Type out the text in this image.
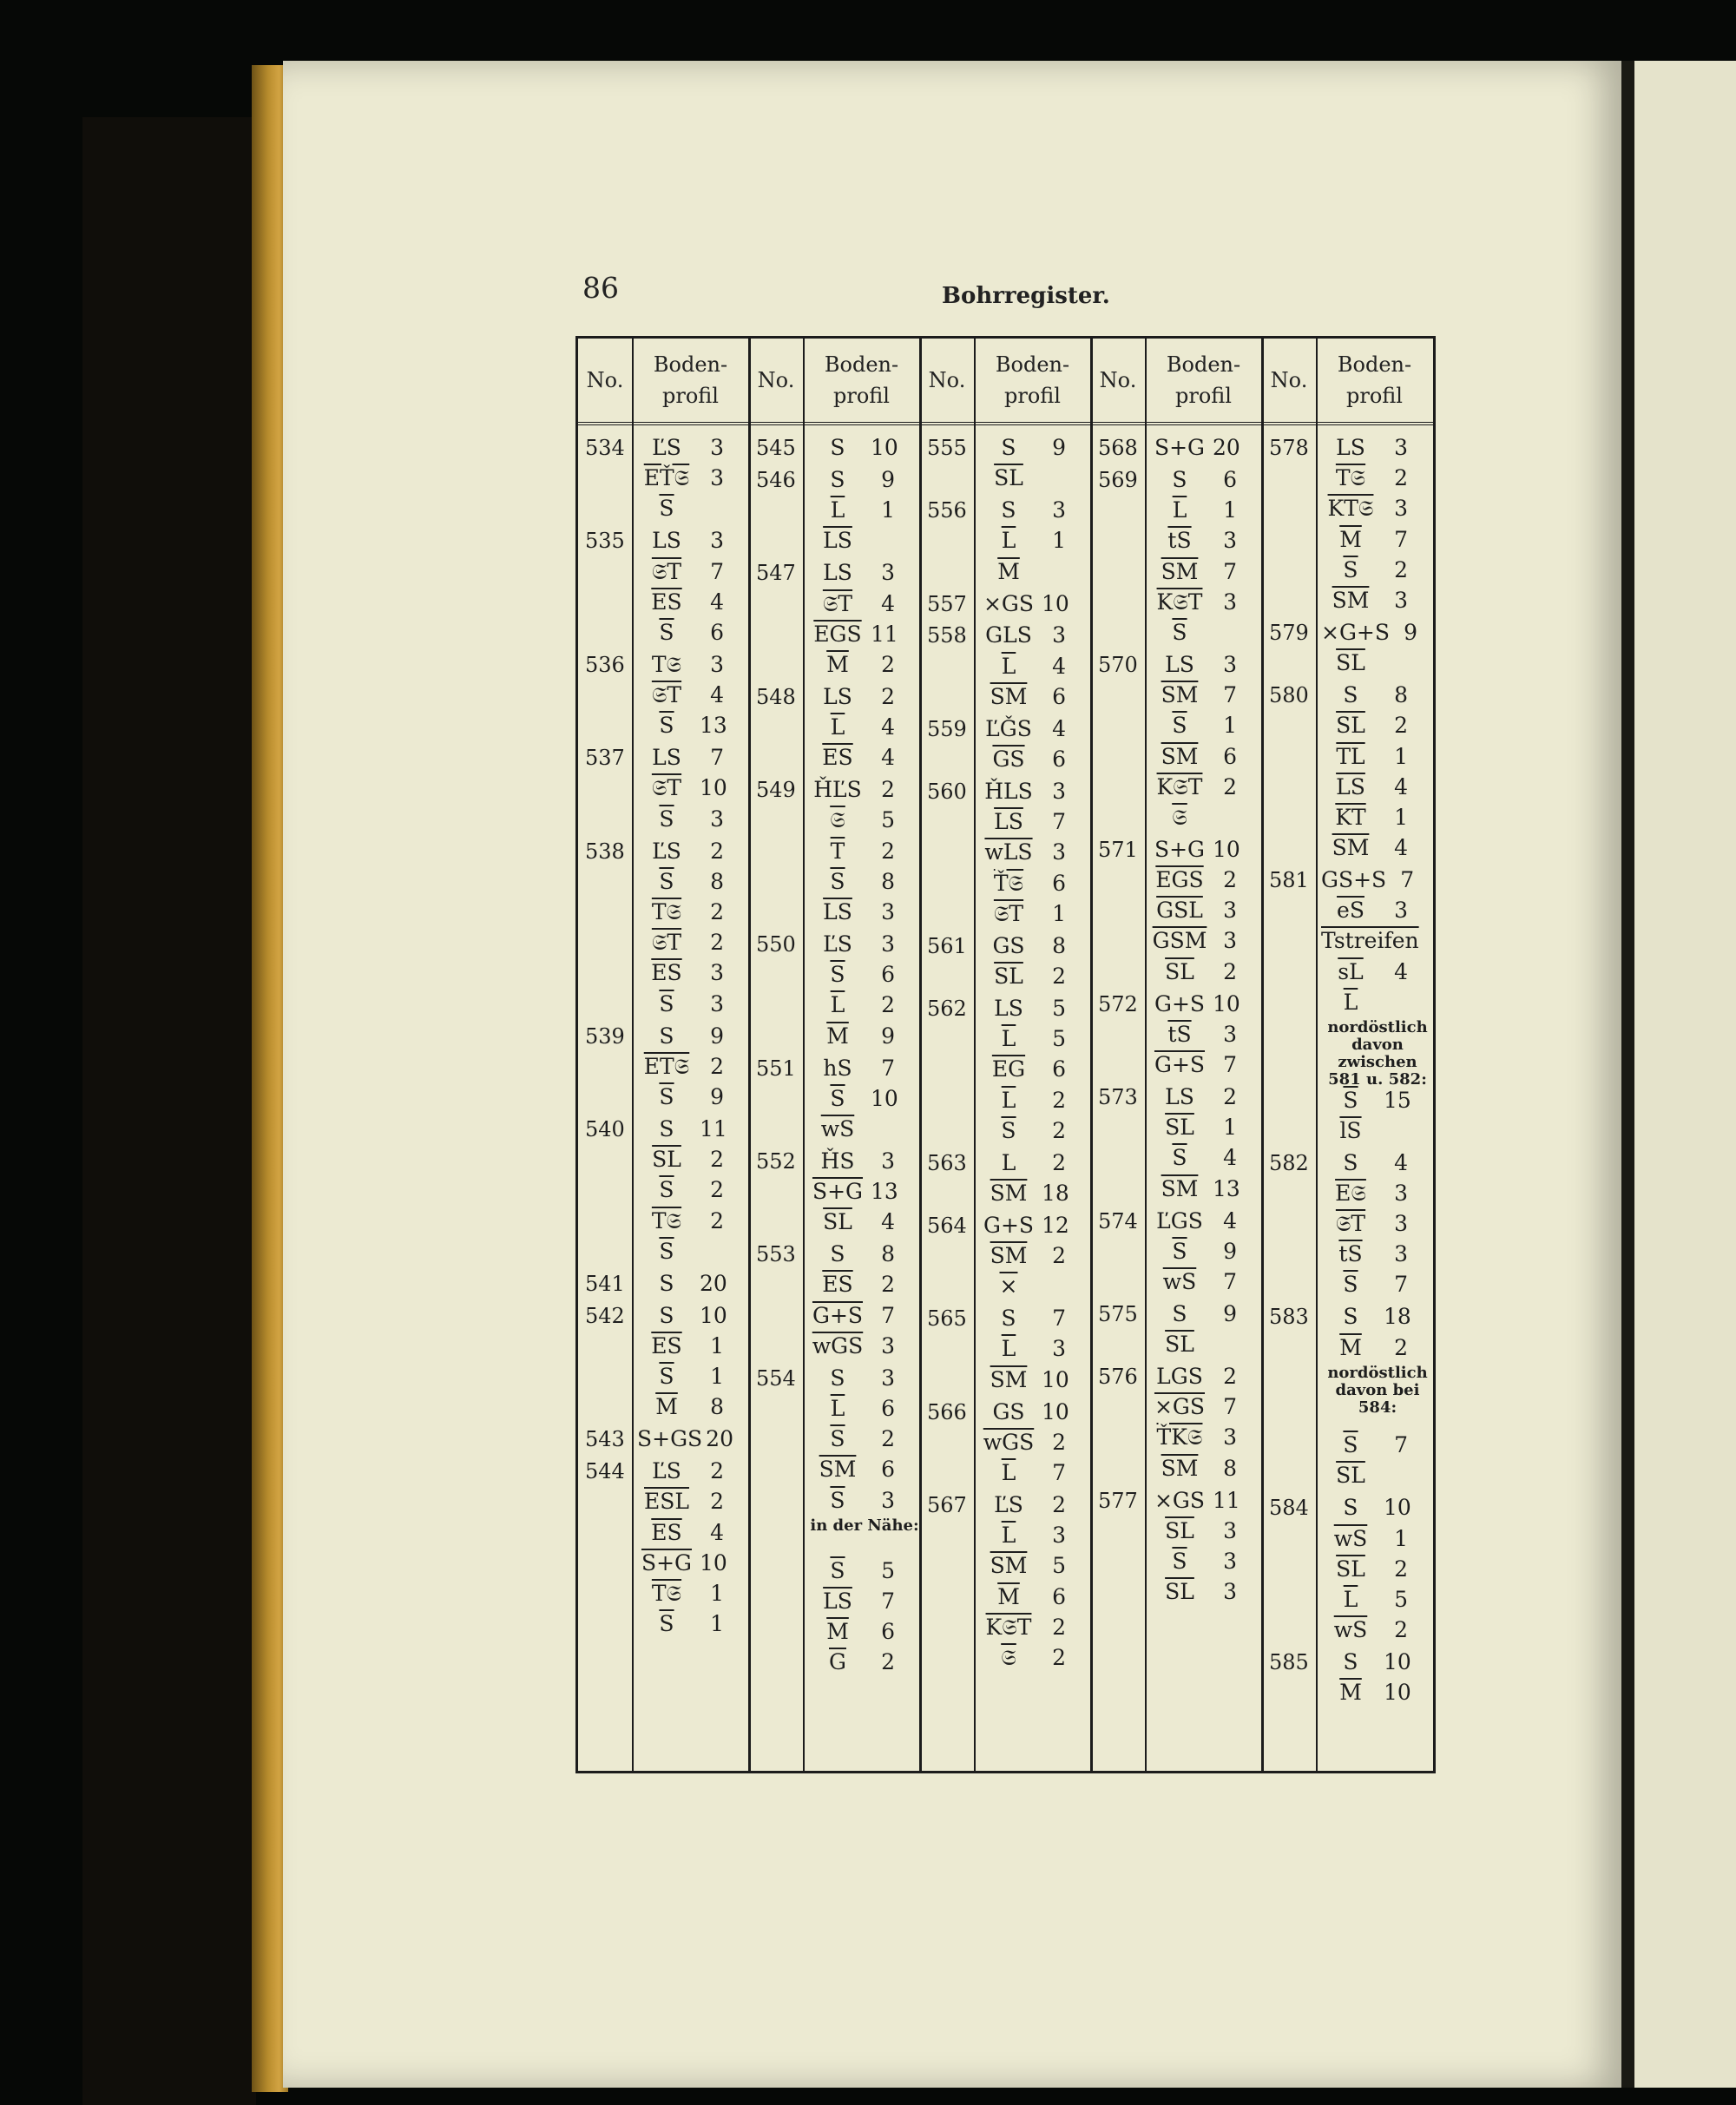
86	Bohrregister.
No.
Boden-
profil
No.
Boden-
profil
No.
Boden-
profil
No.
Boden-
profil
No.
Boden-
profil
534	ĽS 3
EŤ𝔖 3
$\overline{S}$
535	LS 3
𝔖T 7
$\overline{ES}$ 4
$\overline{S}$ 6
536	T𝔖 3
𝔖T 4
$\overline{S}$ 13
537	LS 7
𝔖T 10
$\overline{S}$ 3
538	ĽS 2
$\overline{S}$ 8
T𝔖 2
𝔖T 2
$\overline{ES}$ 3
$\overline{S}$ 3
539	S 9
ET𝔖 2
$\overline{S}$ 9
540	S 11
$\overline{SL}$ 2
$\overline{S}$ 2
T𝔖 2
$\overline{S}$
541	S 20
542	S 10
$\overline{ES}$ 1
$\overline{S}$ 1
$\overline{M}$ 8
543 S+GS 20
544	ĽS 2
$\overline{ESL}$ 2
$\overline{ES}$ 4
S+G 10
T𝔖 1
$\overline{S}$ 1
545	S 10
546	S 9
$\overline{L}$ 1
$\overline{LS}$
547	LS 3
𝔖T 4
$\overline{EGS}$ 11
$\overline{M}$ 2
548	LS 2
$\overline{L}$ 4
$\overline{ES}$ 4
549 ȞĽS 2
𝔖 5
$\overline{T}$ 2
$\overline{S}$ 8
$\overline{LS}$ 3
550	ĽS 3
$\overline{S}$ 6
$\overline{L}$ 2
$\overline{M}$ 9
551	hS 7
$\overline{S}$ 10
$\overline{wS}$
552	ȞS 3
S+G 13
$\overline{SL}$ 4
553	S 8
$\overline{ES}$ 2
G+S 7
$\overline{wGS}$ 3
554	S 3
$\overline{L}$ 6
$\overline{S}$ 2
$\overline{SM}$ 6
$\overline{S}$ 3
in der Nähe:
$\overline{S}$ 5
$\overline{LS}$ 7
$\overline{M}$ 6
$\overline{G}$ 2
555	S 9
$\overline{SL}$
556	S 3
$\overline{L}$ 1
$\overline{M}$
557 ×GS 10
558 GLS 3
$\overline{L}$ 4
$\overline{SM}$ 6
559 ĽǦS 4
$\overline{GS}$ 6
560 ȞLS 3
$\overline{LS}$ 7
$\overline{wLS}$ 3
Ť𝔖 6
𝔖T 1
561	GS 8
$\overline{SL}$ 2
562	LS 5
$\overline{L}$ 5
$\overline{EG}$ 6
$\overline{L}$ 2
$\overline{S}$ 2
563	L 2
$\overline{SM}$ 18
564 G+S 12
$\overline{SM}$ 2
×
565	S 7
$\overline{L}$ 3
$\overline{SM}$ 10
566	GS 10
$\overline{wGS}$ 2
$\overline{L}$ 7
567	ĽS 2
$\overline{L}$ 3
$\overline{SM}$ 5
$\overline{M}$ 6
K𝔖T 2
𝔖 2
568 S+G 20
569	S 6
$\overline{L}$ 1
$\overline{tS}$ 3
$\overline{SM}$ 7
K𝔖T 3
$\overline{S}$
570	LS 3
$\overline{SM}$ 7
$\overline{S}$ 1
$\overline{SM}$ 6
K𝔖T 2
𝔖
571 S+G 10
$\overline{EGS}$ 2
$\overline{GSL}$ 3
$\overline{GSM}$ 3
$\overline{SL}$ 2
572 G+S 10
$\overline{tS}$ 3
G+S 7
573	LS 2
$\overline{SL}$ 1
$\overline{S}$ 4
$\overline{SM}$ 13
574 ĽGS 4
$\overline{S}$ 9
$\overline{wS}$ 7
575	S 9
$\overline{SL}$
576 LGS 2
×GS 7
ŤK𝔖 3
$\overline{SM}$ 8
577 ×GS 11
$\overline{SL}$ 3
$\overline{S}$ 3
$\overline{SL}$ 3
578	LS 3
T𝔖 2
KT𝔖 3
$\overline{M}$ 7
$\overline{S}$ 2
$\overline{SM}$ 3
579 ×G+S 9
$\overline{SL}$
580	S 8
$\overline{SL}$ 2
$\overline{TL}$ 1
$\overline{LS}$ 4
$\overline{KT}$ 1
$\overline{SM}$ 4
581 GS+S 7
$\overline{eS}$ 3
Tstreifen
$\overline{sL}$ 4
$\overline{L}$
nordöstlich davon zwischen 581 u. 582:
$\overline{S}$ 15
$\overline{lS}$
582	S 4
E𝔖 3
𝔖T 3
$\overline{tS}$ 3
$\overline{S}$ 7
583	S 18
$\overline{M}$ 2
nordöstlich davon bei 584:
$\overline{S}$ 7
$\overline{SL}$
584	S 10
$\overline{wS}$ 1
$\overline{SL}$ 2
$\overline{L}$ 5
$\overline{wS}$ 2
585	S 10
$\overline{M}$ 10
